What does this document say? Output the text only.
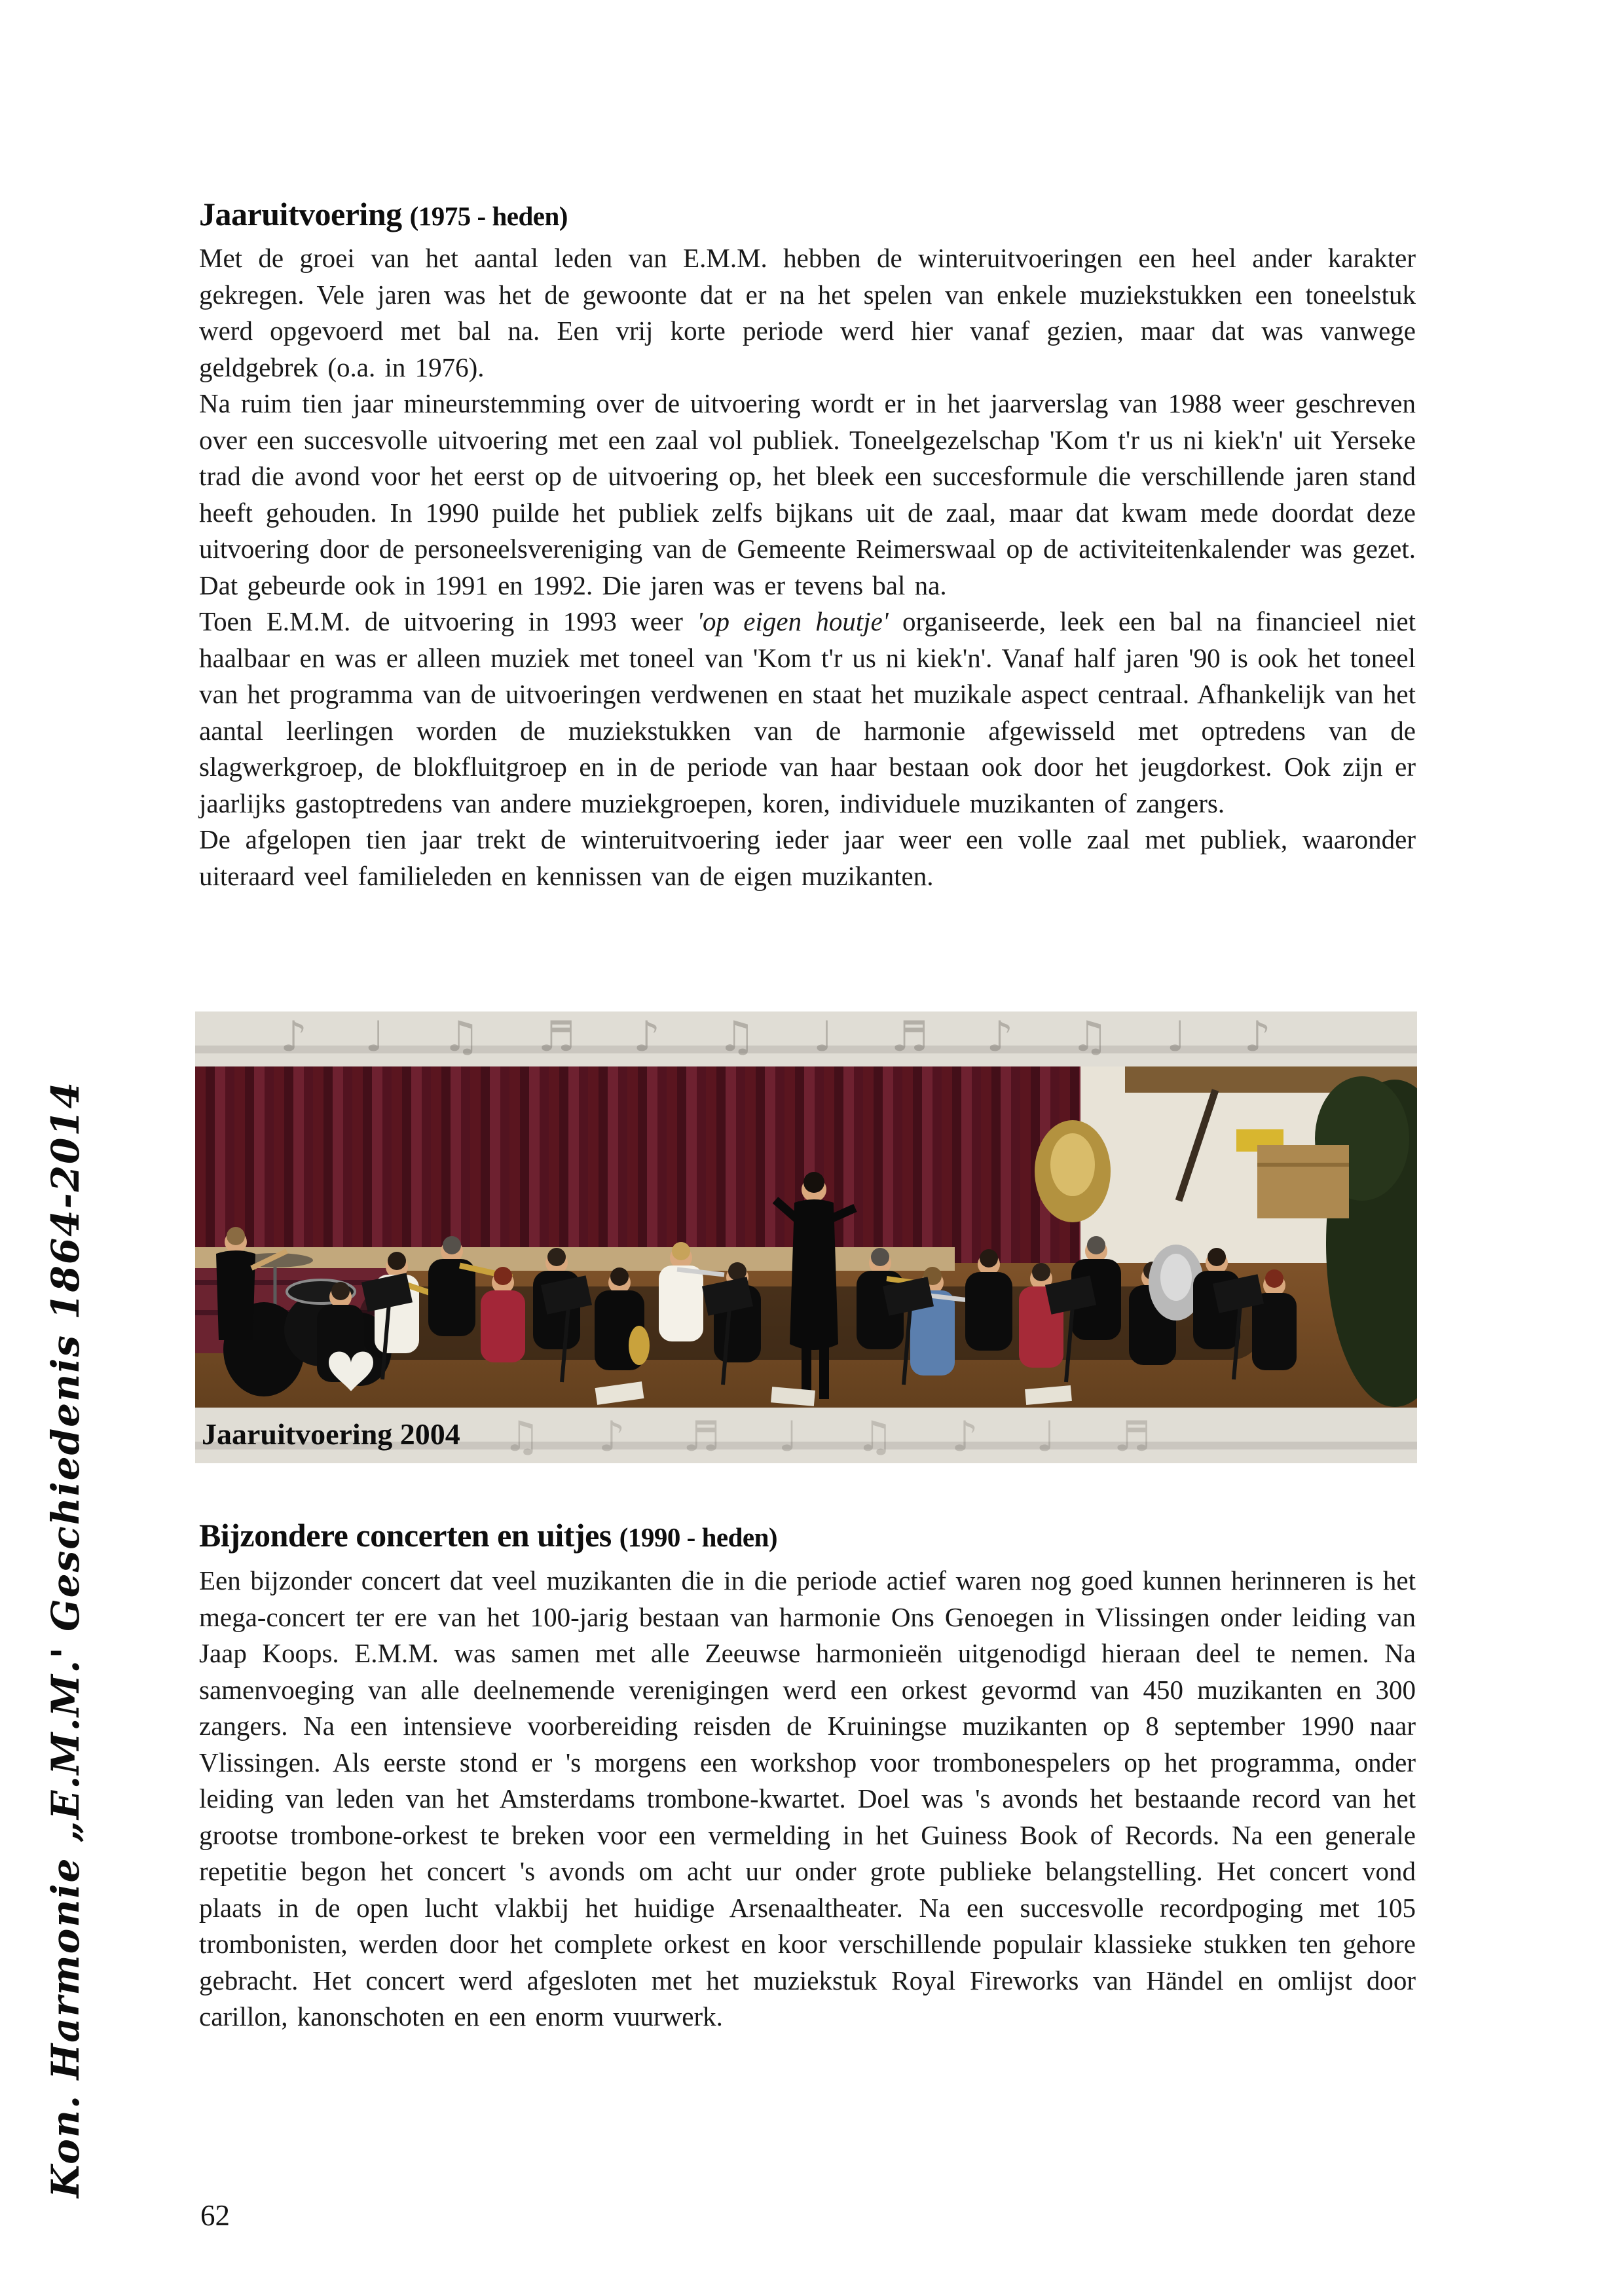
Jaaruitvoering (1975 - heden)

Met de groei van het aantal leden van E.M.M. hebben de winteruitvoeringen een heel ander karakter gekregen. Vele jaren was het de gewoonte dat er na het spelen van enkele muziekstukken een toneelstuk werd opgevoerd met bal na. Een vrij korte periode werd hier vanaf gezien, maar dat was vanwege geldgebrek (o.a. in 1976).

Na ruim tien jaar mineurstemming over de uitvoering wordt er in het jaarverslag van 1988 weer geschreven over een succesvolle uitvoering met een zaal vol publiek. Toneelgezelschap 'Kom t'r us ni kiek'n' uit Yerseke trad die avond voor het eerst op de uitvoering op, het bleek een succesformule die verschillende jaren stand heeft gehouden. In 1990 puilde het publiek zelfs bijkans uit de zaal, maar dat kwam mede doordat deze uitvoering door de personeelsvereniging van de Gemeente Reimerswaal op de activiteitenkalender was gezet. Dat gebeurde ook in 1991 en 1992. Die jaren was er tevens bal na.

Toen E.M.M. de uitvoering in 1993 weer 'op eigen houtje' organiseerde, leek een bal na financieel niet haalbaar en was er alleen muziek met toneel van 'Kom t'r us ni kiek'n'. Vanaf half jaren '90 is ook het toneel van het programma van de uitvoeringen verdwenen en staat het muzikale aspect centraal. Afhankelijk van het aantal leerlingen worden de muziekstukken van de harmonie afgewisseld met optredens van de slagwerkgroep, de blokfluitgroep en in de periode van haar bestaan ook door het jeugdorkest. Ook zijn er jaarlijks gastoptredens van andere muziekgroepen, koren, individuele muzikanten of zangers.

De afgelopen tien jaar trekt de winteruitvoering ieder jaar weer een volle zaal met publiek, waaronder uiteraard veel familieleden en kennissen van de eigen muzikanten.

♪ ♩ ♫ ♬ ♪ ♫ ♩ ♬ ♪ ♫ ♩ ♪
♫ ♪ ♬ ♩ ♫ ♪ ♩ ♬
Jaaruitvoering 2004
Bijzondere concerten en uitjes (1990 - heden)

Een bijzonder concert dat veel muzikanten die in die periode actief waren nog goed kunnen herinneren is het mega-concert ter ere van het 100-jarig bestaan van harmonie Ons Genoegen in Vlissingen onder leiding van Jaap Koops. E.M.M. was samen met alle Zeeuwse harmonieën uitgenodigd hieraan deel te nemen. Na samenvoeging van alle deelnemende verenigingen werd een orkest gevormd van 450 muzikanten en 300 zangers. Na een intensieve voorbereiding reisden de Kruiningse muzikanten op 8 september 1990 naar Vlissingen. Als eerste stond er 's morgens een workshop voor trombonespelers op het programma, onder leiding van leden van het Amsterdams trombone-kwartet. Doel was 's avonds het bestaande record van het grootse trombone-orkest te breken voor een vermelding in het Guiness Book of Records. Na een generale repetitie begon het concert 's avonds om acht uur onder grote publieke belangstelling. Het concert vond plaats in de open lucht vlakbij het huidige Arsenaaltheater. Na een succesvolle recordpoging met 105 trombonisten, werden door het complete orkest en koor verschillende populair klassieke stukken ten gehore gebracht. Het concert werd afgesloten met het muziekstuk Royal Fireworks van Händel en omlijst door carillon, kanonschoten en een enorm vuurwerk.

Kon. Harmonie „E.M.M.' Geschiedenis 1864-2014
62
